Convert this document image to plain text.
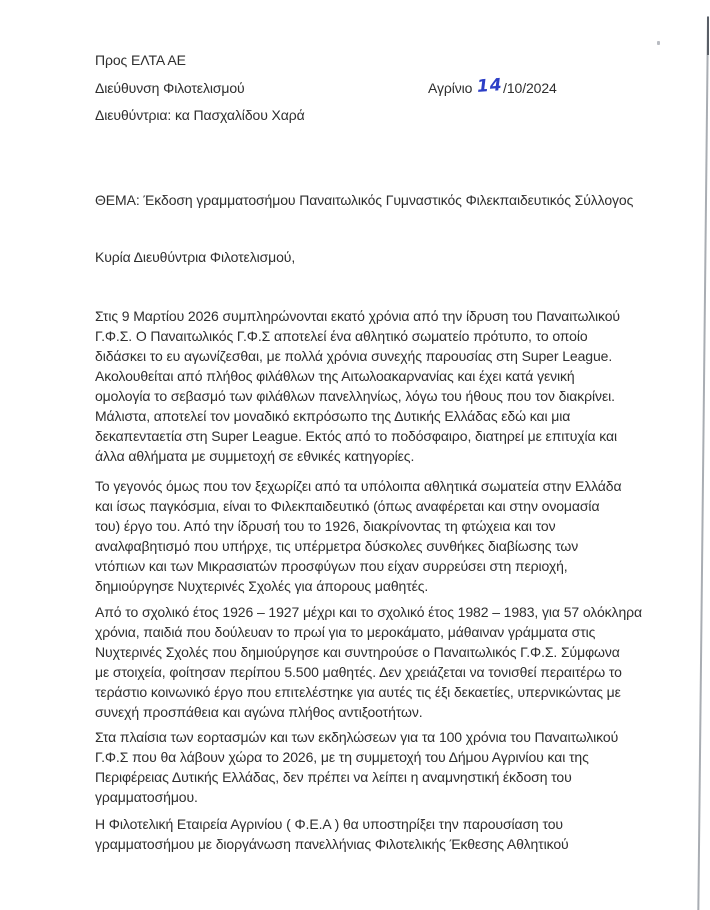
Προς ΕΛΤΑ ΑΕ
Διεύθυνση Φιλοτελισμού	Αγρίνιο 14/10/2024
Διευθύντρια: κα Πασχαλίδου Χαρά
ΘΕΜΑ: Έκδοση γραμματοσήμου Παναιτωλικός Γυμναστικός Φιλεκπαιδευτικός Σύλλογος
Κυρία Διευθύντρια Φιλοτελισμού,
Στις 9 Μαρτίου 2026 συμπληρώνονται εκατό χρόνια από την ίδρυση του Παναιτωλικού
Γ.Φ.Σ. Ο Παναιτωλικός Γ.Φ.Σ αποτελεί ένα αθλητικό σωματείο πρότυπο, το οποίο
διδάσκει το ευ αγωνίζεσθαι, με πολλά χρόνια συνεχής παρουσίας στη Super League.
Ακολουθείται από πλήθος φιλάθλων της Αιτωλοακαρνανίας και έχει κατά γενική
ομολογία το σεβασμό των φιλάθλων πανελληνίως, λόγω του ήθους που τον διακρίνει.
Μάλιστα, αποτελεί τον μοναδικό εκπρόσωπο της Δυτικής Ελλάδας εδώ και μια
δεκαπενταετία στη Super League. Εκτός από το ποδόσφαιρο, διατηρεί με επιτυχία και
άλλα αθλήματα με συμμετοχή σε εθνικές κατηγορίες.
Το γεγονός όμως που τον ξεχωρίζει από τα υπόλοιπα αθλητικά σωματεία στην Ελλάδα
και ίσως παγκόσμια, είναι το Φιλεκπαιδευτικό (όπως αναφέρεται και στην ονομασία
του) έργο του. Από την ίδρυσή του το 1926, διακρίνοντας τη φτώχεια και τον
αναλφαβητισμό που υπήρχε, τις υπέρμετρα δύσκολες συνθήκες διαβίωσης των
ντόπιων και των Μικρασιατών προσφύγων που είχαν συρρεύσει στη περιοχή,
δημιούργησε Νυχτερινές Σχολές για άπορους μαθητές.
Από το σχολικό έτος 1926 – 1927 μέχρι και το σχολικό έτος 1982 – 1983, για 57 ολόκληρα
χρόνια, παιδιά που δούλευαν το πρωί για το μεροκάματο, μάθαιναν γράμματα στις
Νυχτερινές Σχολές που δημιούργησε και συντηρούσε ο Παναιτωλικός Γ.Φ.Σ. Σύμφωνα
με στοιχεία, φοίτησαν περίπου 5.500 μαθητές. Δεν χρειάζεται να τονισθεί περαιτέρω το
τεράστιο κοινωνικό έργο που επιτελέστηκε για αυτές τις έξι δεκαετίες, υπερνικώντας με
συνεχή προσπάθεια και αγώνα πλήθος αντιξοοτήτων.
Στα πλαίσια των εορτασμών και των εκδηλώσεων για τα 100 χρόνια του Παναιτωλικού
Γ.Φ.Σ που θα λάβουν χώρα το 2026, με τη συμμετοχή του Δήμου Αγρινίου και της
Περιφέρειας Δυτικής Ελλάδας, δεν πρέπει να λείπει η αναμνηστική έκδοση του
γραμματοσήμου.
Η Φιλοτελική Εταιρεία Αγρινίου ( Φ.Ε.Α ) θα υποστηρίξει την παρουσίαση του
γραμματοσήμου με διοργάνωση πανελλήνιας Φιλοτελικής Έκθεσης Αθλητικού
